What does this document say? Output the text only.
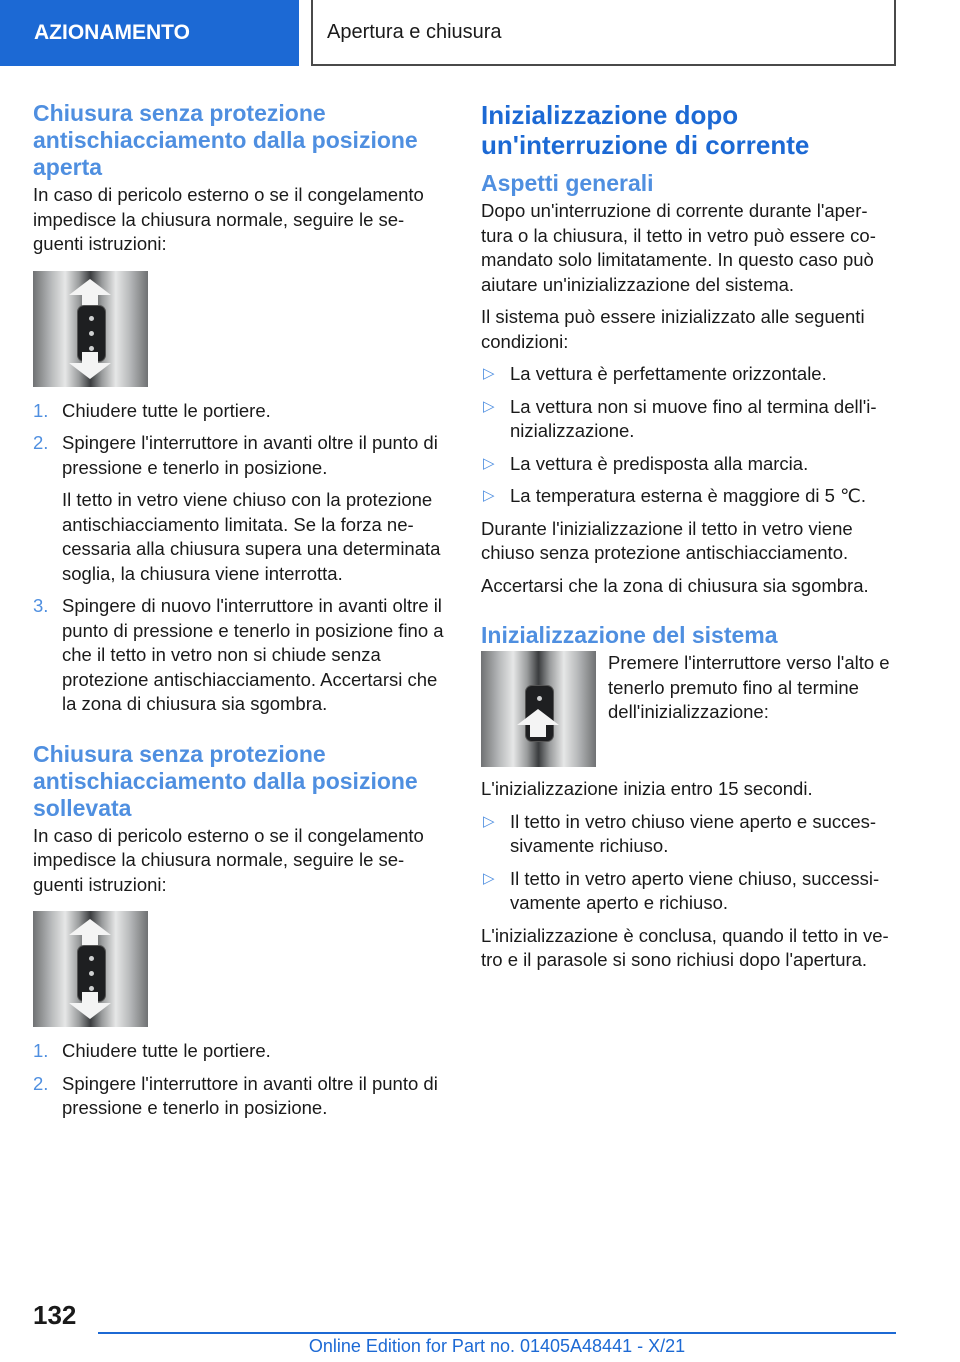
AZIONAMENTO	Apertura e chiusura
Chiusura senza protezione antischiacciamento dalla posizione aperta

In caso di pericolo esterno o se il congelamento impedisce la chiusura normale, seguire le se-guenti istruzioni:

1. Chiudere tutte le portiere.
2. Spingere l'interruttore in avanti oltre il punto di pressione e tenerlo in posizione.
Il tetto in vetro viene chiuso con la protezione antischiacciamento limitata. Se la forza ne-cessaria alla chiusura supera una determinata soglia, la chiusura viene interrotta.
3. Spingere di nuovo l'interruttore in avanti oltre il punto di pressione e tenerlo in posizione fino a che il tetto in vetro non si chiude senza protezione antischiacciamento. Accertarsi che la zona di chiusura sia sgombra.
Chiusura senza protezione antischiacciamento dalla posizione sollevata

In caso di pericolo esterno o se il congelamento impedisce la chiusura normale, seguire le se-guenti istruzioni:

1. Chiudere tutte le portiere.
2. Spingere l'interruttore in avanti oltre il punto di pressione e tenerlo in posizione.
Inizializzazione dopo un'interruzione di corrente
Aspetti generali

Dopo un'interruzione di corrente durante l'aper-tura o la chiusura, il tetto in vetro può essere co-mandato solo limitatamente. In questo caso può aiutare un'inizializzazione del sistema.

Il sistema può essere inizializzato alle seguenti condizioni:

▷ La vettura è perfettamente orizzontale.
▷ La vettura non si muove fino al termina dell'i-nizializzazione.
▷ La vettura è predisposta alla marcia.
▷ La temperatura esterna è maggiore di 5 ℃.

Durante l'inizializzazione il tetto in vetro viene chiuso senza protezione antischiacciamento.

Accertarsi che la zona di chiusura sia sgombra.

Inizializzazione del sistema

Premere l'interruttore verso l'alto e tenerlo premuto fino al termine dell'inizializzazione:

L'inizializzazione inizia entro 15 secondi.

▷ Il tetto in vetro chiuso viene aperto e succes-sivamente richiuso.
▷ Il tetto in vetro aperto viene chiuso, successi-vamente aperto e richiuso.

L'inizializzazione è conclusa, quando il tetto in ve-tro e il parasole si sono richiusi dopo l'apertura.

132
Online Edition for Part no. 01405A48441 - X/21
